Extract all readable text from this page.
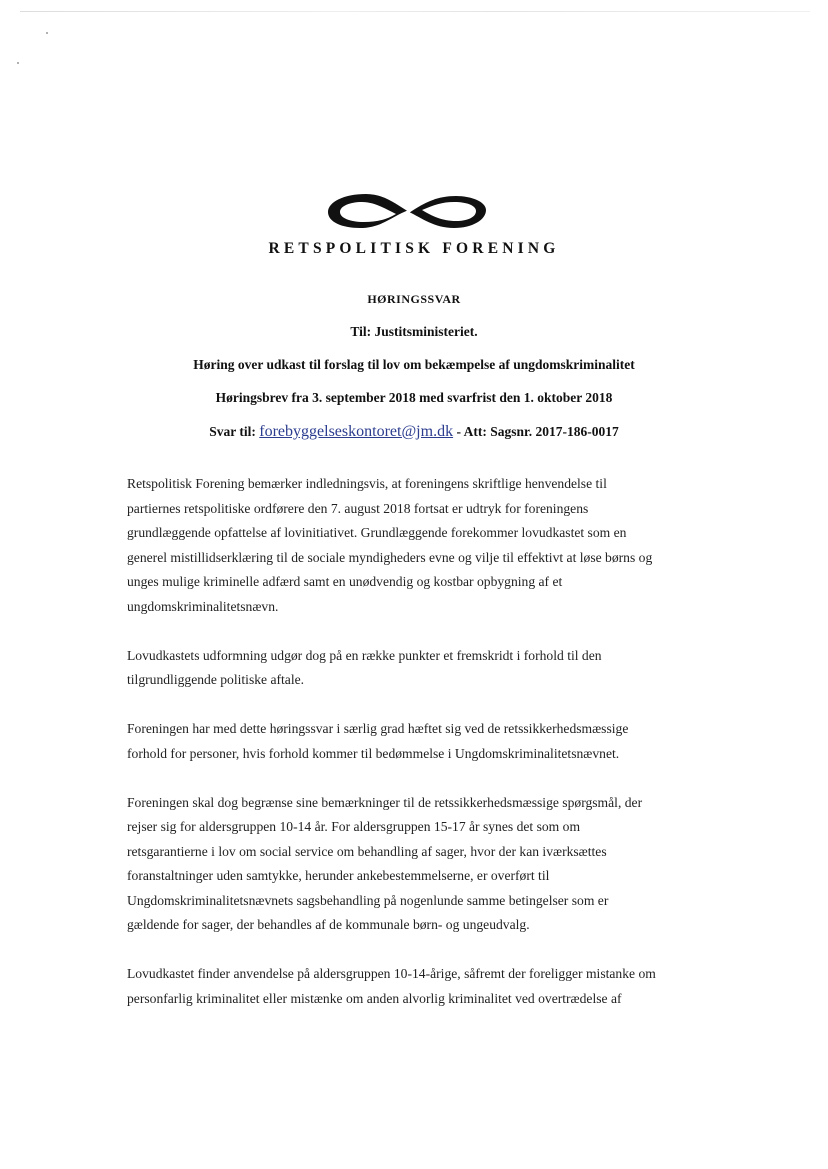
RETSPOLITISK FORENING
HØRINGSSVAR
Til: Justitsministeriet.
Høring over udkast til forslag til lov om bekæmpelse af ungdomskriminalitet
Høringsbrev fra 3. september 2018 med svarfrist den 1. oktober 2018
Svar til: forebyggelseskontoret@jm.dk - Att: Sagsnr. 2017-186-0017

Retspolitisk Forening bemærker indledningsvis, at foreningens skriftlige henvendelse til
partiernes retspolitiske ordførere den 7. august 2018 fortsat er udtryk for foreningens
grundlæggende opfattelse af lovinitiativet. Grundlæggende forekommer lovudkastet som en
generel mistillidserklæring til de sociale myndigheders evne og vilje til effektivt at løse børns og
unges mulige kriminelle adfærd samt en unødvendig og kostbar opbygning af et
ungdomskriminalitetsnævn.

Lovudkastets udformning udgør dog på en række punkter et fremskridt i forhold til den
tilgrundliggende politiske aftale.

Foreningen har med dette høringssvar i særlig grad hæftet sig ved de retssikkerhedsmæssige
forhold for personer, hvis forhold kommer til bedømmelse i Ungdomskriminalitetsnævnet.

Foreningen skal dog begrænse sine bemærkninger til de retssikkerhedsmæssige spørgsmål, der
rejser sig for aldersgruppen 10-14 år. For aldersgruppen 15-17 år synes det som om
retsgarantierne i lov om social service om behandling af sager, hvor der kan iværksættes
foranstaltninger uden samtykke, herunder ankebestemmelserne, er overført til
Ungdomskriminalitetsnævnets sagsbehandling på nogenlunde samme betingelser som er
gældende for sager, der behandles af de kommunale børn- og ungeudvalg.

Lovudkastet finder anvendelse på aldersgruppen 10-14-årige, såfremt der foreligger mistanke om
personfarlig kriminalitet eller mistænke om anden alvorlig kriminalitet ved overtrædelse af
